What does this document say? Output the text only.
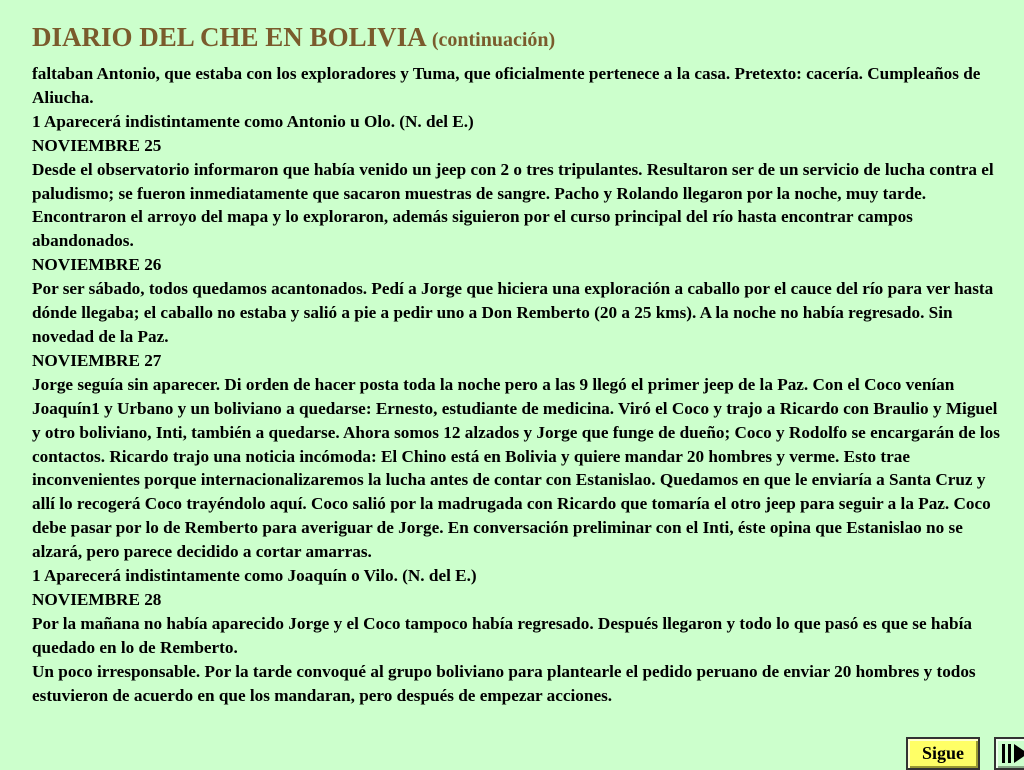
DIARIO DEL CHE EN BOLIVIA (continuación)

faltaban Antonio, que estaba con los exploradores y Tuma, que oficialmente pertenece a la casa. Pretexto: cacería. Cumpleaños de Aliucha.

1 Aparecerá indistintamente como Antonio u Olo. (N. del E.)

NOVIEMBRE 25

Desde el observatorio informaron que había venido un jeep con 2 o tres tripulantes. Resultaron ser de un servicio de lucha contra el paludismo; se fueron inmediatamente que sacaron muestras de sangre. Pacho y Rolando llegaron por la noche, muy tarde. Encontraron el arroyo del mapa y lo exploraron, además siguieron por el curso principal del río hasta encontrar campos abandonados.

NOVIEMBRE 26

Por ser sábado, todos quedamos acantonados. Pedí a Jorge que hiciera una exploración a caballo por el cauce del río para ver hasta dónde llegaba; el caballo no estaba y salió a pie a pedir uno a Don Remberto (20 a 25 kms). A la noche no había regresado. Sin novedad de la Paz.

NOVIEMBRE 27

Jorge seguía sin aparecer. Di orden de hacer posta toda la noche pero a las 9 llegó el primer jeep de la Paz. Con el Coco venían Joaquín1 y Urbano y un boliviano a quedarse: Ernesto, estudiante de medicina. Viró el Coco y trajo a Ricardo con Braulio y Miguel y otro boliviano, Inti, también a quedarse. Ahora somos 12 alzados y Jorge que funge de dueño; Coco y Rodolfo se encargarán de los contactos. Ricardo trajo una noticia incómoda: El Chino está en Bolivia y quiere mandar 20 hombres y verme. Esto trae inconvenientes porque internacionalizaremos la lucha antes de contar con Estanislao. Quedamos en que le enviaría a Santa Cruz y allí lo recogerá Coco trayéndolo aquí. Coco salió por la madrugada con Ricardo que tomaría el otro jeep para seguir a la Paz. Coco debe pasar por lo de Remberto para averiguar de Jorge. En conversación preliminar con el Inti, éste opina que Estanislao no se alzará, pero parece decidido a cortar amarras.

1 Aparecerá indistintamente como Joaquín o Vilo. (N. del E.)

NOVIEMBRE 28

Por la mañana no había aparecido Jorge y el Coco tampoco había regresado. Después llegaron y todo lo que pasó es que se había quedado en lo de Remberto.

Un poco irresponsable. Por la tarde convoqué al grupo boliviano para plantearle el pedido peruano de enviar 20 hombres y todos estuvieron de acuerdo en que los mandaran, pero después de empezar acciones.

Sigue
